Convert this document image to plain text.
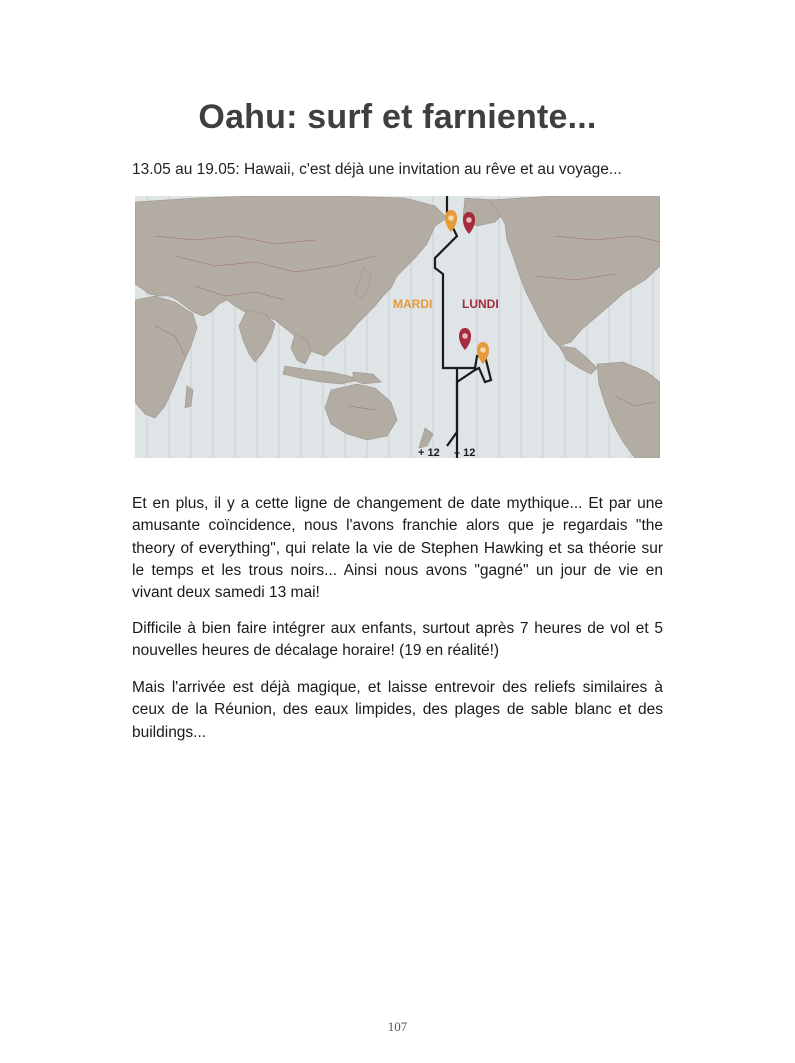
Oahu: surf et farniente...
13.05 au 19.05: Hawaii, c'est déjà une invitation au rêve et au voyage...
MARDI LUNDI
+ 12 – 12

Et en plus, il y a cette ligne de changement de date mythique... Et par une amusante coïncidence, nous l'avons franchie alors que je regardais "the theory of everything", qui relate la vie de Stephen Hawking et sa théorie sur le temps et les trous noirs... Ainsi nous avons "gagné" un jour de vie en vivant deux samedi 13 mai!

Difficile à bien faire intégrer aux enfants, surtout après 7 heures de vol et 5 nouvelles heures de décalage horaire! (19 en réalité!)

Mais l'arrivée est déjà magique, et laisse entrevoir des reliefs similaires à ceux de la Réunion, des eaux limpides, des plages de sable blanc et des buildings...

107
